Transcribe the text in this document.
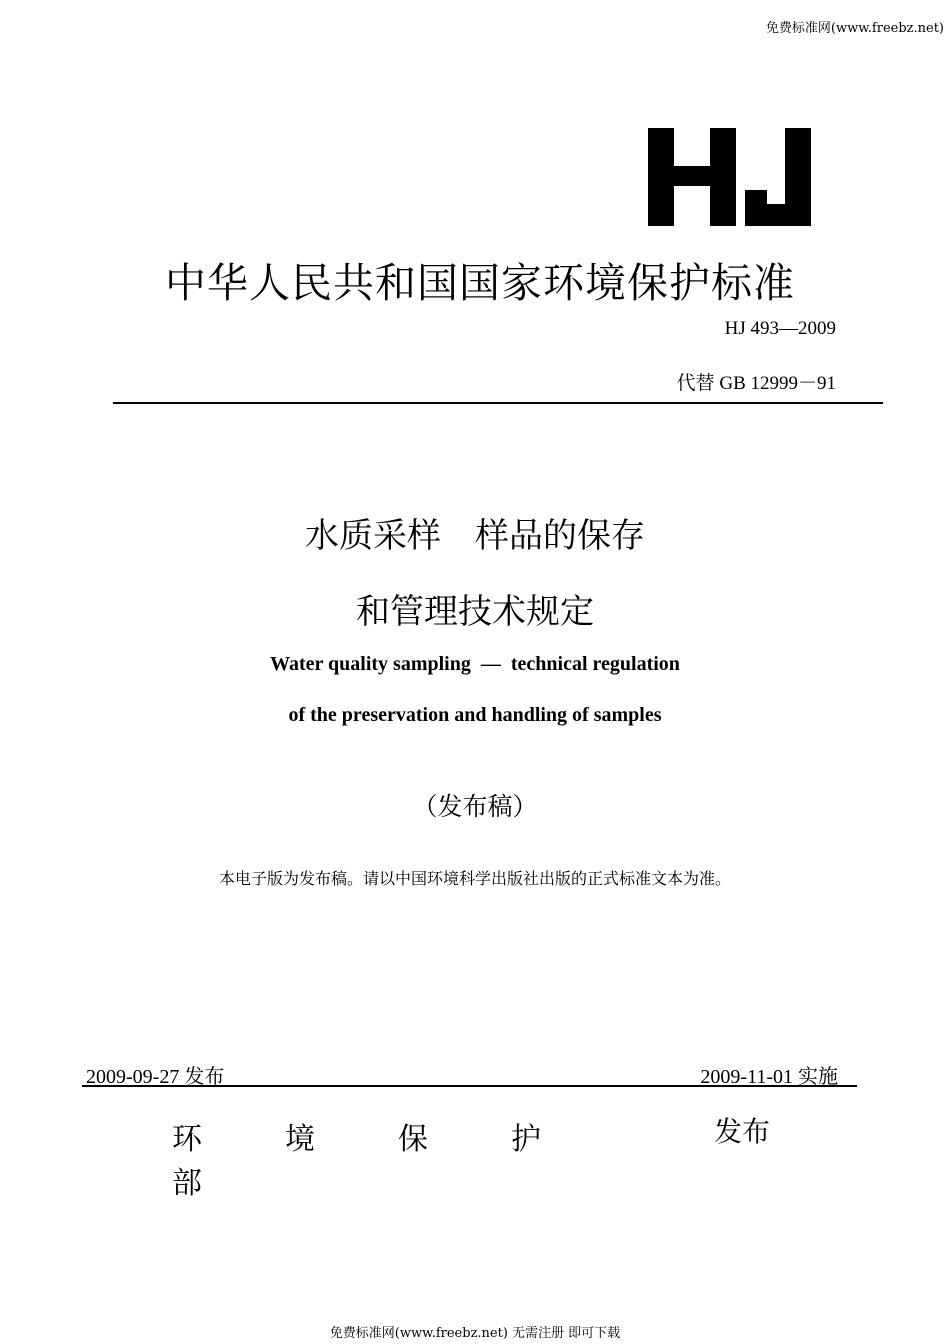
免费标准网(www.freebz.net)
中华人民共和国国家环境保护标准
HJ 493—2009
代替 GB 12999－91
水质采样　样品的保存
和管理技术规定
Water quality sampling  —  technical regulation
of the preservation and handling of samples
（发布稿）
本电子版为发布稿。请以中国环境科学出版社出版的正式标准文本为准。
2009-09-27 发布	2009-11-01 实施
环	境	保	护部
发布
免费标准网(www.freebz.net) 无需注册 即可下载
